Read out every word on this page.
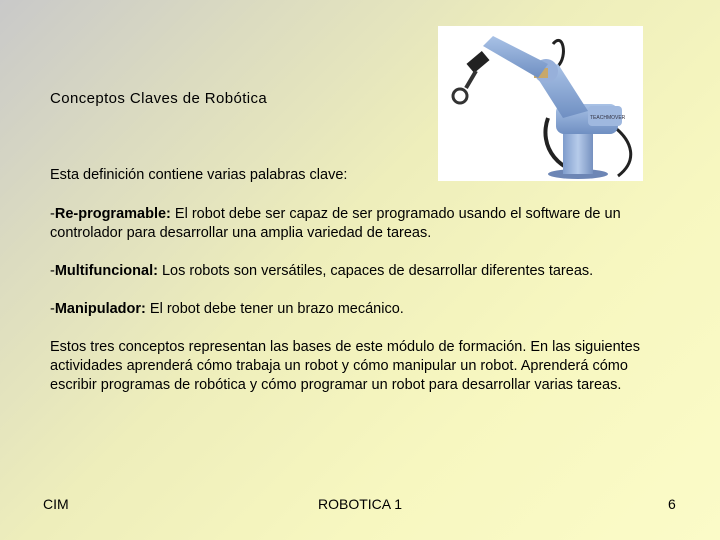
Conceptos Claves de Robótica
TEACHMOVER

Esta definición contiene varias palabras clave:

-Re-programable: El robot debe ser capaz de ser programado usando el software de un controlador para desarrollar una amplia variedad de tareas.

-Multifuncional: Los robots son versátiles, capaces de desarrollar diferentes tareas.

-Manipulador: El robot debe tener un brazo mecánico.

Estos tres conceptos representan las bases de este módulo de formación. En las siguientes actividades aprenderá cómo trabaja un robot y cómo manipular un robot. Aprenderá cómo escribir programas de robótica y cómo programar un robot para desarrollar varias tareas.

CIM	ROBOTICA 1	6
